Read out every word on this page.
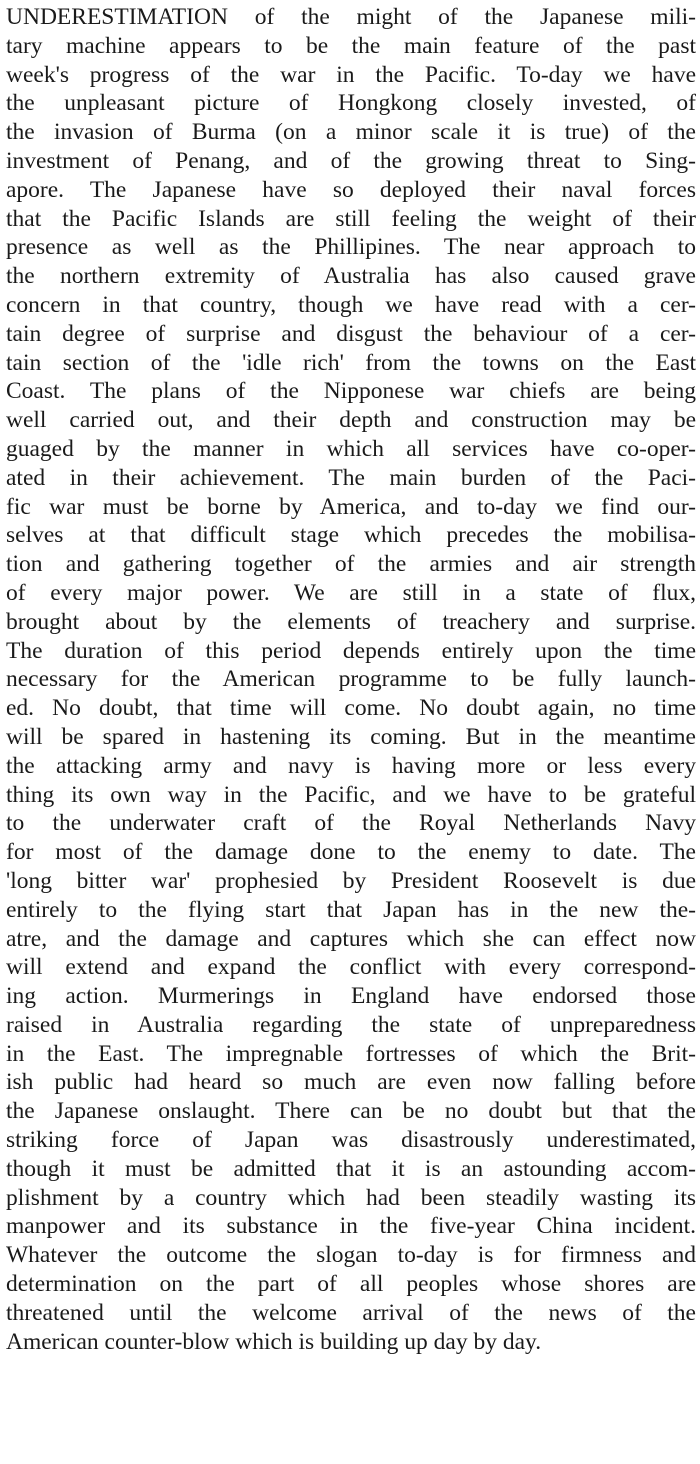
UNDERESTIMATION of the might of the Japanese mili-
tary machine appears to be the main feature of the past
week's progress of the war in the Pacific. To-day we have
the unpleasant picture of Hongkong closely invested, of
the invasion of Burma (on a minor scale it is true) of the
investment of Penang, and of the growing threat to Sing-
apore. The Japanese have so deployed their naval forces
that the Pacific Islands are still feeling the weight of their
presence as well as the Phillipines. The near approach to
the northern extremity of Australia has also caused grave
concern in that country, though we have read with a cer-
tain degree of surprise and disgust the behaviour of a cer-
tain section of the 'idle rich' from the towns on the East
Coast. The plans of the Nipponese war chiefs are being
well carried out, and their depth and construction may be
guaged by the manner in which all services have co-oper-
ated in their achievement. The main burden of the Paci-
fic war must be borne by America, and to-day we find our-
selves at that difficult stage which precedes the mobilisa-
tion and gathering together of the armies and air strength
of every major power. We are still in a state of flux,
brought about by the elements of treachery and surprise.
The duration of this period depends entirely upon the time
necessary for the American programme to be fully launch-
ed. No doubt, that time will come. No doubt again, no time
will be spared in hastening its coming. But in the meantime
the attacking army and navy is having more or less every
thing its own way in the Pacific, and we have to be grateful
to the underwater craft of the Royal Netherlands Navy
for most of the damage done to the enemy to date. The
'long bitter war' prophesied by President Roosevelt is due
entirely to the flying start that Japan has in the new the-
atre, and the damage and captures which she can effect now
will extend and expand the conflict with every correspond-
ing action. Murmerings in England have endorsed those
raised in Australia regarding the state of unpreparedness
in the East. The impregnable fortresses of which the Brit-
ish public had heard so much are even now falling before
the Japanese onslaught. There can be no doubt but that the
striking force of Japan was disastrously underestimated,
though it must be admitted that it is an astounding accom-
plishment by a country which had been steadily wasting its
manpower and its substance in the five-year China incident.
Whatever the outcome the slogan to-day is for firmness and
determination on the part of all peoples whose shores are
threatened until the welcome arrival of the news of the
American counter-blow which is building up day by day.
